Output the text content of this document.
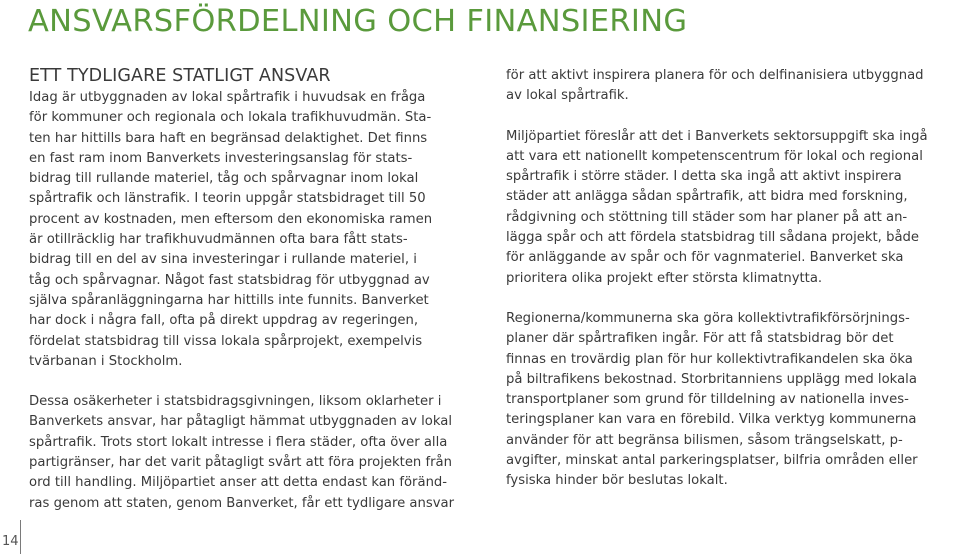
ANSVARSFÖRDELNING OCH FINANSIERING
ETT TYDLIGARE STATLIGT ANSVAR

Idag är utbyggnaden av lokal spårtrafik i huvudsak en fråga
för kommuner och regionala och lokala trafikhuvudmän. Sta-
ten har hittills bara haft en begränsad delaktighet. Det finns
en fast ram inom Banverkets investeringsanslag för stats-
bidrag till rullande materiel, tåg och spårvagnar inom lokal
spårtrafik och länstrafik. I teorin uppgår statsbidraget till 50
procent av kostnaden, men eftersom den ekonomiska ramen
är otillräcklig har trafikhuvudmännen ofta bara fått stats-
bidrag till en del av sina investeringar i rullande materiel, i
tåg och spårvagnar. Något fast statsbidrag för utbyggnad av
själva spåranläggningarna har hittills inte funnits. Banverket
har dock i några fall, ofta på direkt uppdrag av regeringen,
fördelat statsbidrag till vissa lokala spårprojekt, exempelvis
tvärbanan i Stockholm.

Dessa osäkerheter i statsbidragsgivningen, liksom oklarheter i
Banverkets ansvar, har påtagligt hämmat utbyggnaden av lokal
spårtrafik. Trots stort lokalt intresse i flera städer, ofta över alla
partigränser, har det varit påtagligt svårt att föra projekten från
ord till handling. Miljöpartiet anser att detta endast kan föränd-
ras genom att staten, genom Banverket, får ett tydligare ansvar

för att aktivt inspirera planera för och delfinanisiera utbyggnad
av lokal spårtrafik.

Miljöpartiet föreslår att det i Banverkets sektorsuppgift ska ingå
att vara ett nationellt kompetenscentrum för lokal och regional
spårtrafik i större städer. I detta ska ingå att aktivt inspirera
städer att anlägga sådan spårtrafik, att bidra med forskning,
rådgivning och stöttning till städer som har planer på att an-
lägga spår och att fördela statsbidrag till sådana projekt, både
för anläggande av spår och för vagnmateriel. Banverket ska
prioritera olika projekt efter största klimatnytta.

Regionerna/kommunerna ska göra kollektivtrafikförsörjnings-
planer där spårtrafiken ingår. För att få statsbidrag bör det
finnas en trovärdig plan för hur kollektivtrafikandelen ska öka
på biltrafikens bekostnad. Storbritanniens upplägg med lokala
transportplaner som grund för tilldelning av nationella inves-
teringsplaner kan vara en förebild. Vilka verktyg kommunerna
använder för att begränsa bilismen, såsom trängselskatt, p-
avgifter, minskat antal parkeringsplatser, bilfria områden eller
fysiska hinder bör beslutas lokalt.

14
